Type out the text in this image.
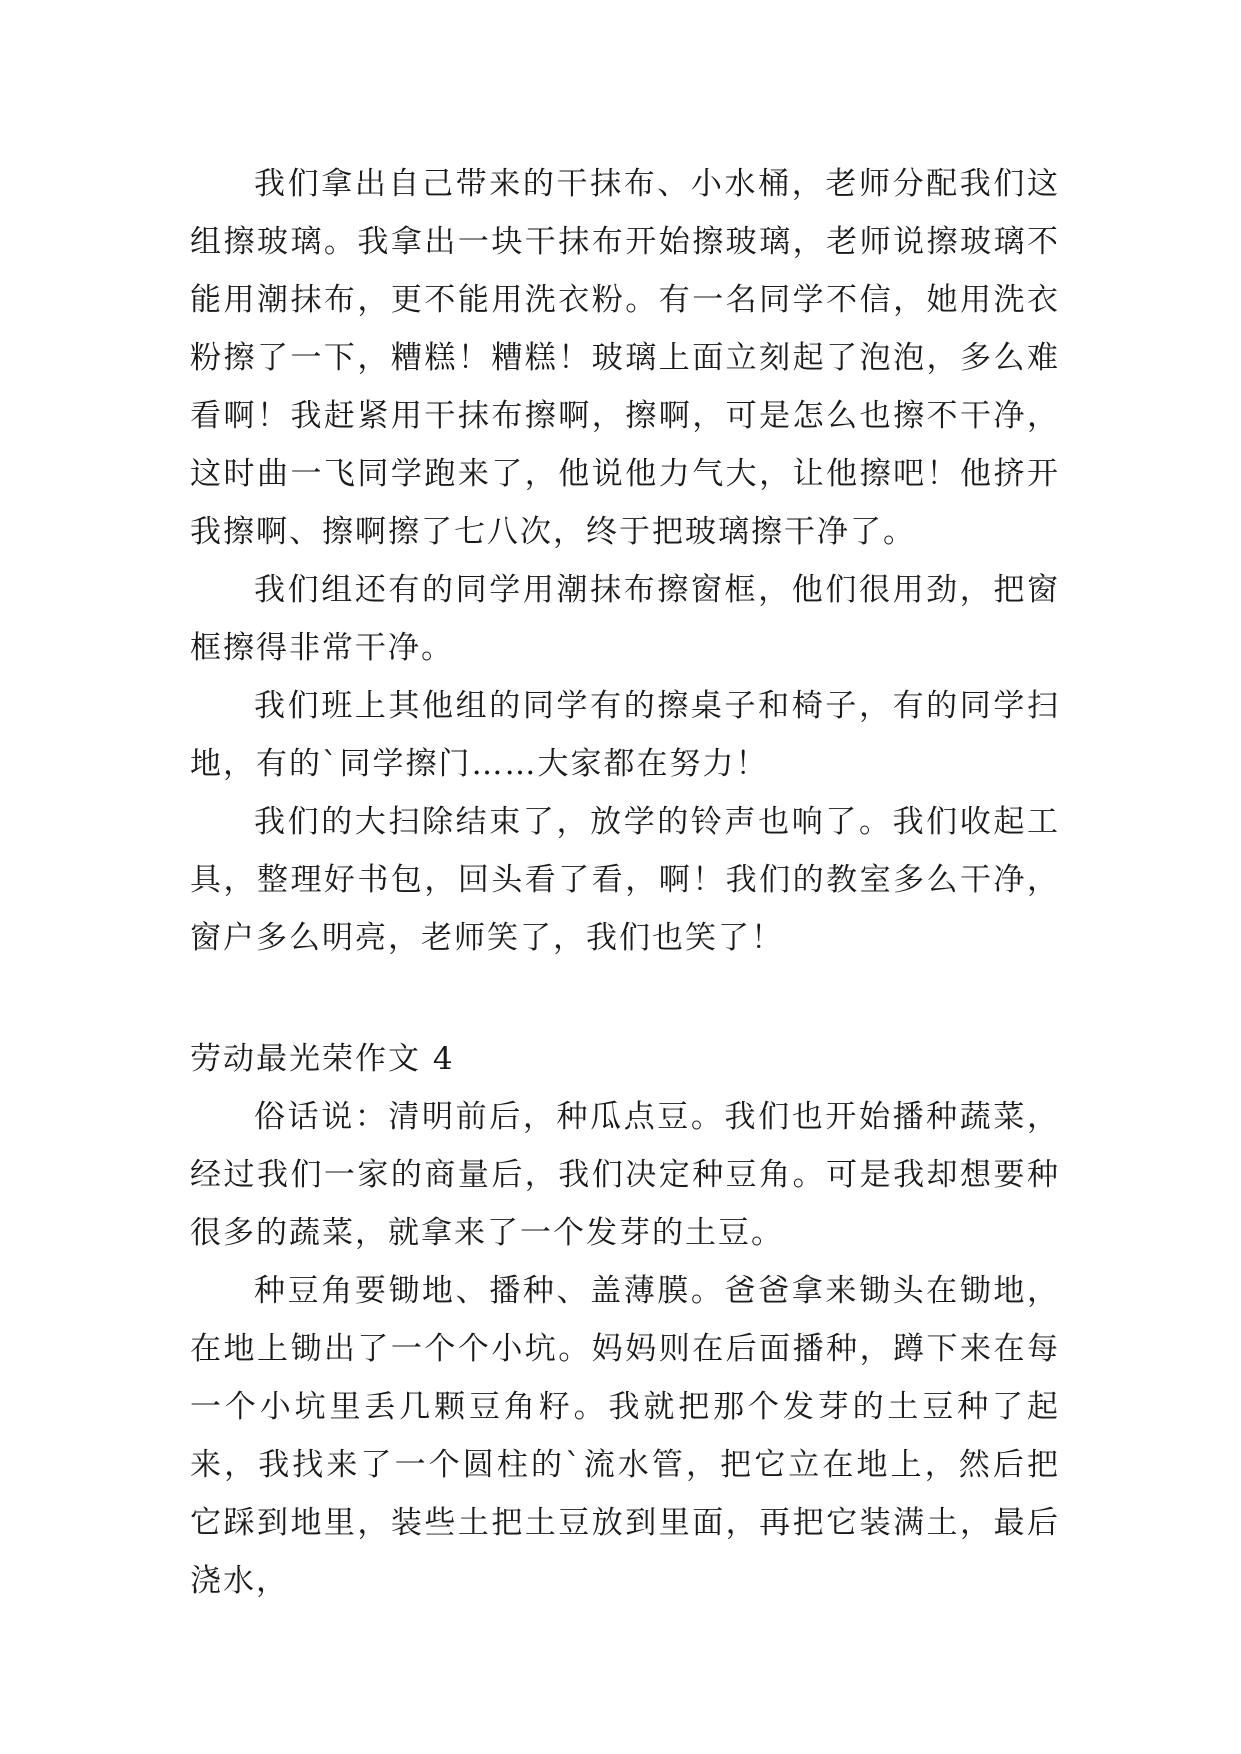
我们拿出自己带来的干抹布、小水桶，老师分配我们这组擦玻璃。我拿出一块干抹布开始擦玻璃，老师说擦玻璃不能用潮抹布，更不能用洗衣粉。有一名同学不信，她用洗衣粉擦了一下，糟糕！糟糕！玻璃上面立刻起了泡泡，多么难看啊！我赶紧用干抹布擦啊，擦啊，可是怎么也擦不干净，这时曲一飞同学跑来了，他说他力气大，让他擦吧！他挤开我擦啊、擦啊擦了七八次，终于把玻璃擦干净了。

我们组还有的同学用潮抹布擦窗框，他们很用劲，把窗框擦得非常干净。

我们班上其他组的同学有的擦桌子和椅子，有的同学扫地，有的`同学擦门……大家都在努力！

我们的大扫除结束了，放学的铃声也响了。我们收起工具，整理好书包，回头看了看，啊！我们的教室多么干净，窗户多么明亮，老师笑了，我们也笑了！

劳动最光荣作文 4

俗话说：清明前后，种瓜点豆。我们也开始播种蔬菜，经过我们一家的商量后，我们决定种豆角。可是我却想要种很多的蔬菜，就拿来了一个发芽的土豆。

种豆角要锄地、播种、盖薄膜。爸爸拿来锄头在锄地，在地上锄出了一个个小坑。妈妈则在后面播种，蹲下来在每一个小坑里丢几颗豆角籽。我就把那个发芽的土豆种了起来，我找来了一个圆柱的`流水管，把它立在地上，然后把它踩到地里，装些土把土豆放到里面，再把它装满土，最后浇水，
